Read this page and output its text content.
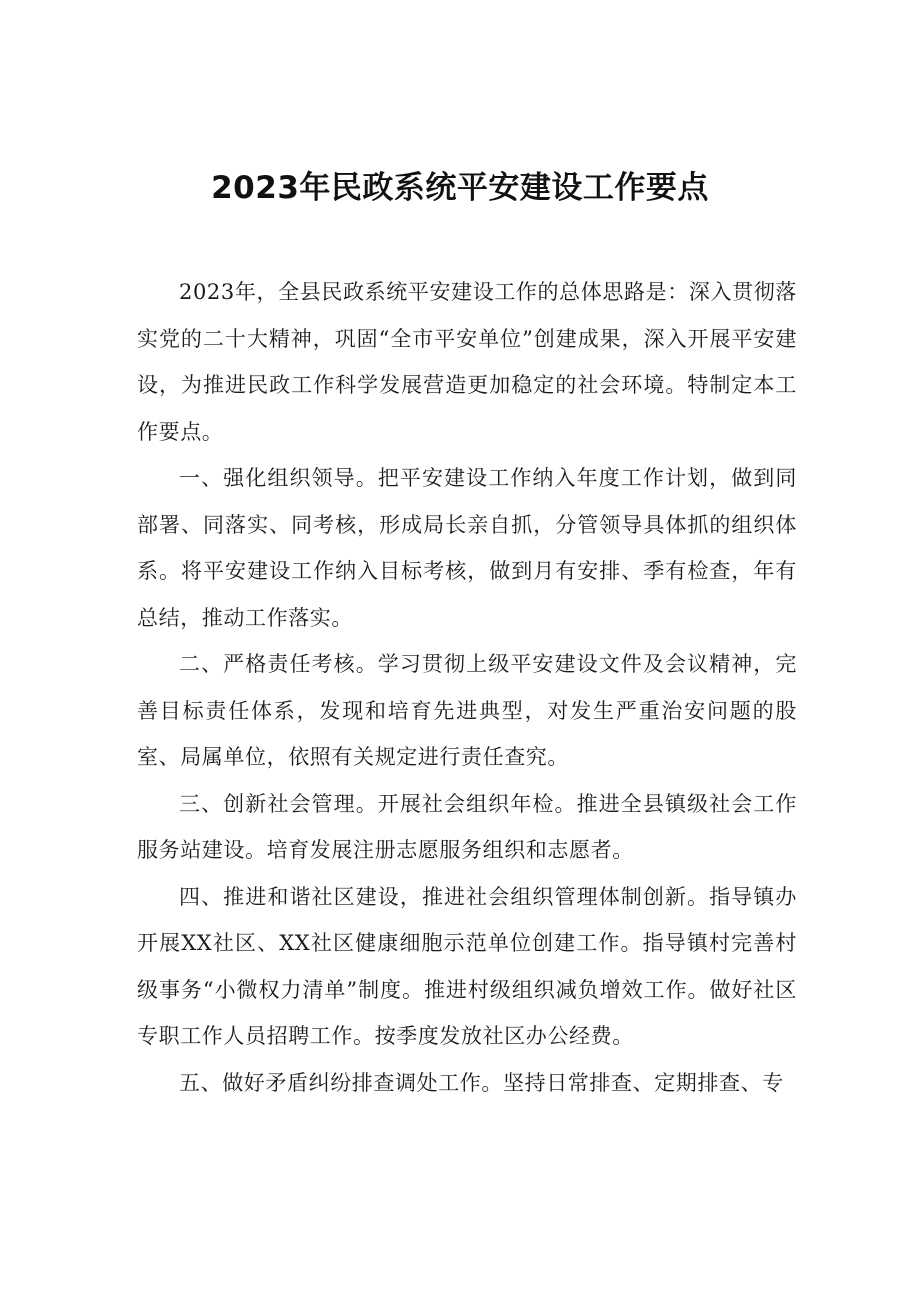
2023年民政系统平安建设工作要点

2023年，全县民政系统平安建设工作的总体思路是：深入贯彻落实党的二十大精神，巩固“全市平安单位”创建成果，深入开展平安建设，为推进民政工作科学发展营造更加稳定的社会环境。特制定本工作要点。

一、强化组织领导。把平安建设工作纳入年度工作计划，做到同部署、同落实、同考核，形成局长亲自抓，分管领导具体抓的组织体系。将平安建设工作纳入目标考核，做到月有安排、季有检查，年有总结，推动工作落实。

二、严格责任考核。学习贯彻上级平安建设文件及会议精神，完善目标责任体系，发现和培育先进典型，对发生严重治安问题的股室、局属单位，依照有关规定进行责任查究。

三、创新社会管理。开展社会组织年检。推进全县镇级社会工作服务站建设。培育发展注册志愿服务组织和志愿者。

四、推进和谐社区建设，推进社会组织管理体制创新。指导镇办开展XX社区、XX社区健康细胞示范单位创建工作。指导镇村完善村级事务“小微权力清单”制度。推进村级组织减负增效工作。做好社区专职工作人员招聘工作。按季度发放社区办公经费。

五、做好矛盾纠纷排查调处工作。坚持日常排查、定期排查、专
